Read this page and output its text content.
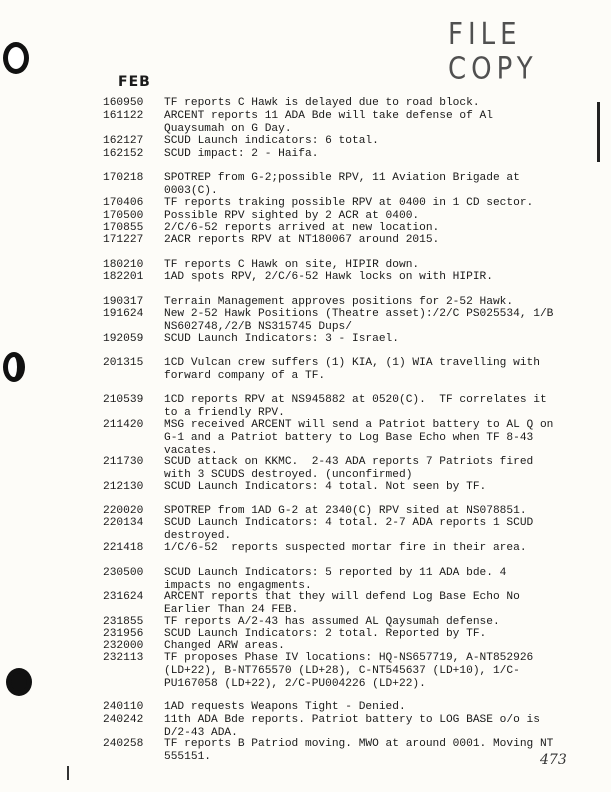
FILE COPY
FEB
160950	TF reports C Hawk is delayed due to road block.
161122	ARCENT reports 11 ADA Bde will take defense of Al
Quaysumah on G Day.
162127	SCUD Launch indicators: 6 total.
162152	SCUD impact: 2 - Haifa.
170218	SPOTREP from G-2;possible RPV, 11 Aviation Brigade at
0003(C).
170406	TF reports traking possible RPV at 0400 in 1 CD sector.
170500	Possible RPV sighted by 2 ACR at 0400.
170855	2/C/6-52 reports arrived at new location.
171227	2ACR reports RPV at NT180067 around 2015.
180210	TF reports C Hawk on site, HIPIR down.
182201	1AD spots RPV, 2/C/6-52 Hawk locks on with HIPIR.
190317	Terrain Management approves positions for 2-52 Hawk.
191624	New 2-52 Hawk Positions (Theatre asset):/2/C PS025534, 1/B
NS602748,/2/B NS315745 Dups/
192059	SCUD Launch Indicators: 3 - Israel.
201315	1CD Vulcan crew suffers (1) KIA, (1) WIA travelling with
forward company of a TF.
210539	1CD reports RPV at NS945882 at 0520(C).  TF correlates it
to a friendly RPV.
211420	MSG received ARCENT will send a Patriot battery to AL Q on
G-1 and a Patriot battery to Log Base Echo when TF 8-43
vacates.
211730	SCUD attack on KKMC.  2-43 ADA reports 7 Patriots fired
with 3 SCUDS destroyed. (unconfirmed)
212130	SCUD Launch Indicators: 4 total. Not seen by TF.
220020	SPOTREP from 1AD G-2 at 2340(C) RPV sited at NS078851.
220134	SCUD Launch Indicators: 4 total. 2-7 ADA reports 1 SCUD
destroyed.
221418	1/C/6-52  reports suspected mortar fire in their area.
230500	SCUD Launch Indicators: 5 reported by 11 ADA bde. 4
impacts no engagments.
231624	ARCENT reports that they will defend Log Base Echo No
Earlier Than 24 FEB.
231855	TF reports A/2-43 has assumed AL Qaysumah defense.
231956	SCUD Launch Indicators: 2 total. Reported by TF.
232000	Changed ARW areas.
232113	TF proposes Phase IV locations: HQ-NS657719, A-NT852926
(LD+22), B-NT765570 (LD+28), C-NT545637 (LD+10), 1/C-
PU167058 (LD+22), 2/C-PU004226 (LD+22).
240110	1AD requests Weapons Tight - Denied.
240242	11th ADA Bde reports. Patriot battery to LOG BASE o/o is
D/2-43 ADA.
240258	TF reports B Patriod moving. MWO at around 0001. Moving NT
555151.	473
